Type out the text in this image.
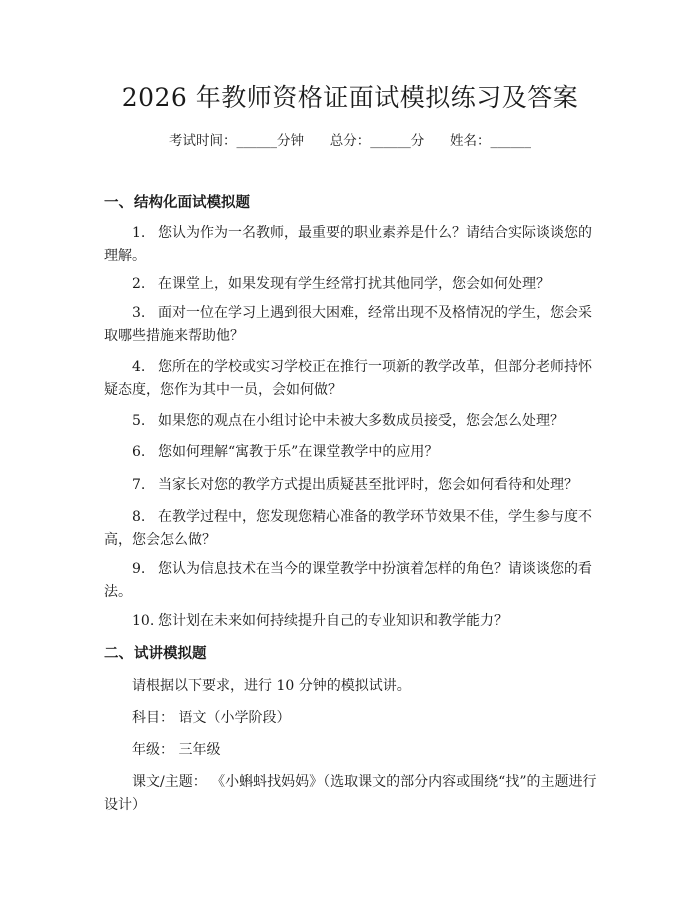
2026 年教师资格证面试模拟练习及答案
考试时间：______分钟      总分：______分      姓名：______
一、结构化面试模拟题

1. 您认为作为一名教师，最重要的职业素养是什么？请结合实际谈谈您的理解。

2. 在课堂上，如果发现有学生经常打扰其他同学，您会如何处理？

3. 面对一位在学习上遇到很大困难，经常出现不及格情况的学生，您会采取哪些措施来帮助他？

4. 您所在的学校或实习学校正在推行一项新的教学改革，但部分老师持怀疑态度，您作为其中一员，会如何做？

5. 如果您的观点在小组讨论中未被大多数成员接受，您会怎么处理？

6. 您如何理解“寓教于乐”在课堂教学中的应用？

7. 当家长对您的教学方式提出质疑甚至批评时，您会如何看待和处理？

8. 在教学过程中，您发现您精心准备的教学环节效果不佳，学生参与度不高，您会怎么做？

9. 您认为信息技术在当今的课堂教学中扮演着怎样的角色？请谈谈您的看法。

10. 您计划在未来如何持续提升自己的专业知识和教学能力？

二、试讲模拟题

请根据以下要求，进行 10 分钟的模拟试讲。

科目： 语文（小学阶段）

年级： 三年级

课文/主题： 《小蝌蚪找妈妈》（选取课文的部分内容或围绕“找”的主题进行设计）
